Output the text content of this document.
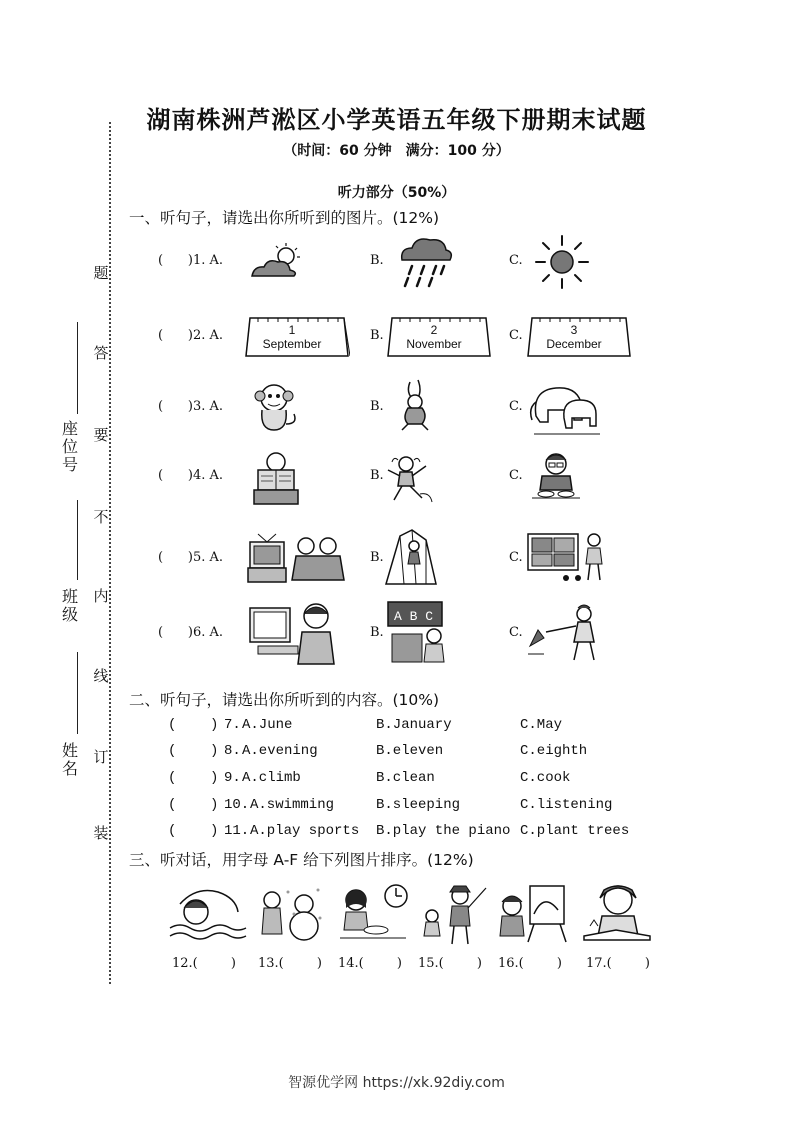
题
答
要
不
内
线
订
装
座位号
班级
姓名
湖南株洲芦淞区小学英语五年级下册期末试题
（时间：60 分钟　满分：100 分）
听力部分（50%）
一、听句子，请选出你所听到的图片。(12%)
(      )1. A.	B.	C.
(      )2. A.	B.	C.
1
September
2
November
3
December
(      )3. A.	B.	C.
(      )4. A.	B.	C.
(      )5. A.	B.	C.
(      )6. A.	B.	C.
A B C
二、听句子，请选出你所听到的内容。(10%)
(    ) 7. A.June	B.January	C.May
(    ) 8. A.evening	B.eleven	C.eighth
(    ) 9. A.climb	B.clean	C.cook
(    ) 10. A.swimming	B.sleeping	C.listening
(    ) 11. A.play sports B.play the piano C.plant trees
三、听对话，用字母 A-F 给下列图片排序。(12%)
12.(	) 13.(	) 14.(	) 15.(	) 16.(	) 17.(	)
智源优学网 https://xk.92diy.com
